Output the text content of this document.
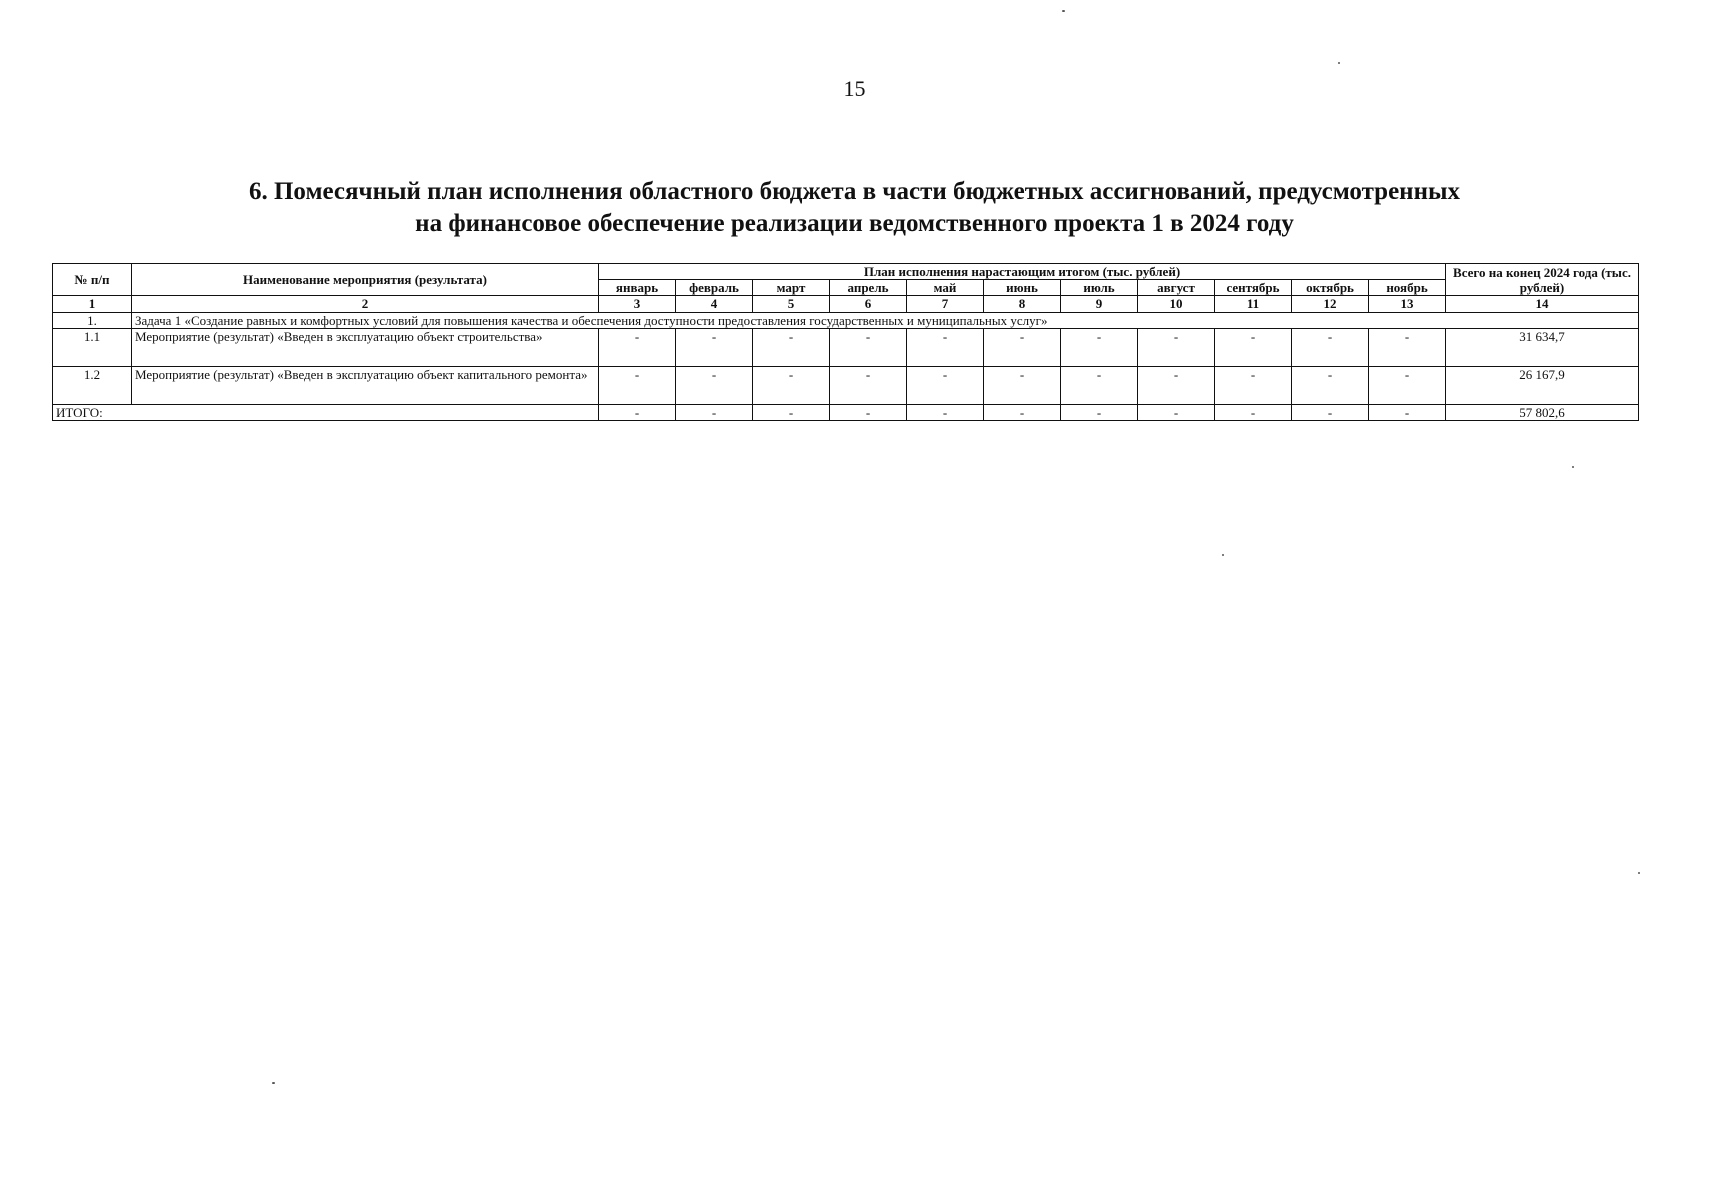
15
6. Помесячный план исполнения областного бюджета в части бюджетных ассигнований, предусмотренных
на финансовое обеспечение реализации ведомственного проекта 1 в 2024 году
№ п/п	Наименование мероприятия (результата)	План исполнения нарастающим итогом (тыс. рублей)											Всего на конец 2024 года (тыс. рублей)
		январь	февраль	март	апрель	май	июнь	июль	август	сентябрь	октябрь	ноябрь	
1	2	3	4	5	6	7	8	9	10	11	12	13	14
1.	Задача 1 «Создание равных и комфортных условий для повышения качества и обеспечения доступности предоставления государственных и муниципальных услуг»												
1.1	Мероприятие (результат) «Введен в эксплуатацию объект строительства»	-	-	-	-	-	-	-	-	-	-	-	31 634,7
1.2	Мероприятие (результат) «Введен в эксплуатацию объект капитального ремонта»	-	-	-	-	-	-	-	-	-	-	-	26 167,9
ИТОГО:		-	-	-	-	-	-	-	-	-	-	-	57 802,6
